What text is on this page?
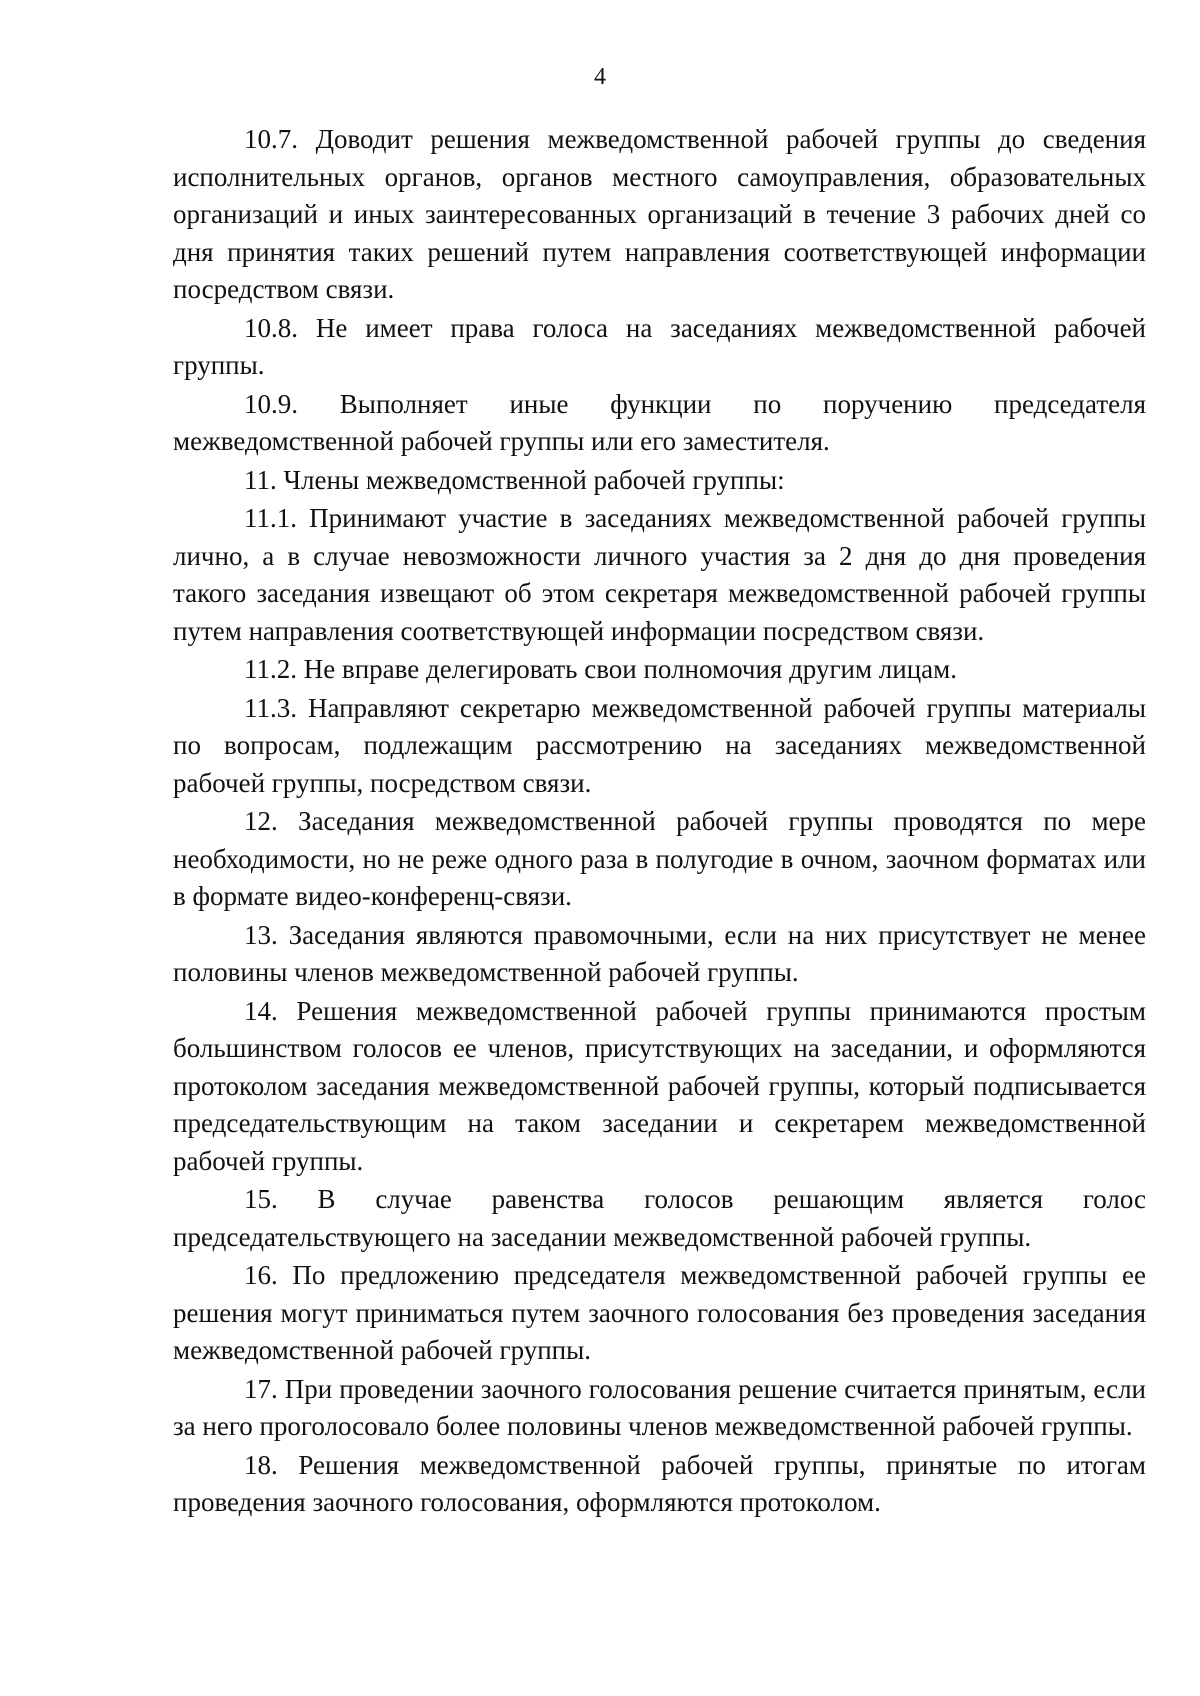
4

10.7. Доводит решения межведомственной рабочей группы до сведения исполнительных органов, органов местного самоуправления, образовательных организаций и иных заинтересованных организаций в течение 3 рабочих дней со дня принятия таких решений путем направления соответствующей информации посредством связи.

10.8. Не имеет права голоса на заседаниях межведомственной рабочей группы.

10.9. Выполняет иные функции по поручению председателя межведомственной рабочей группы или его заместителя.

11. Члены межведомственной рабочей группы:

11.1. Принимают участие в заседаниях межведомственной рабочей группы лично, а в случае невозможности личного участия за 2 дня до дня проведения такого заседания извещают об этом секретаря межведомственной рабочей группы путем направления соответствующей информации посредством связи.

11.2. Не вправе делегировать свои полномочия другим лицам.

11.3. Направляют секретарю межведомственной рабочей группы материалы по вопросам, подлежащим рассмотрению на заседаниях межведомственной рабочей группы, посредством связи.

12. Заседания межведомственной рабочей группы проводятся по мере необходимости, но не реже одного раза в полугодие в очном, заочном форматах или в формате видео-конференц-связи.

13. Заседания являются правомочными, если на них присутствует не менее половины членов межведомственной рабочей группы.

14. Решения межведомственной рабочей группы принимаются простым большинством голосов ее членов, присутствующих на заседании, и оформляются протоколом заседания межведомственной рабочей группы, который подписывается председательствующим на таком заседании и секретарем межведомственной рабочей группы.

15. В случае равенства голосов решающим является голос председательствующего на заседании межведомственной рабочей группы.

16. По предложению председателя межведомственной рабочей группы ее решения могут приниматься путем заочного голосования без проведения заседания межведомственной рабочей группы.

17. При проведении заочного голосования решение считается принятым, если за него проголосовало более половины членов межведомственной рабочей группы.

18. Решения межведомственной рабочей группы, принятые по итогам проведения заочного голосования, оформляются протоколом.
